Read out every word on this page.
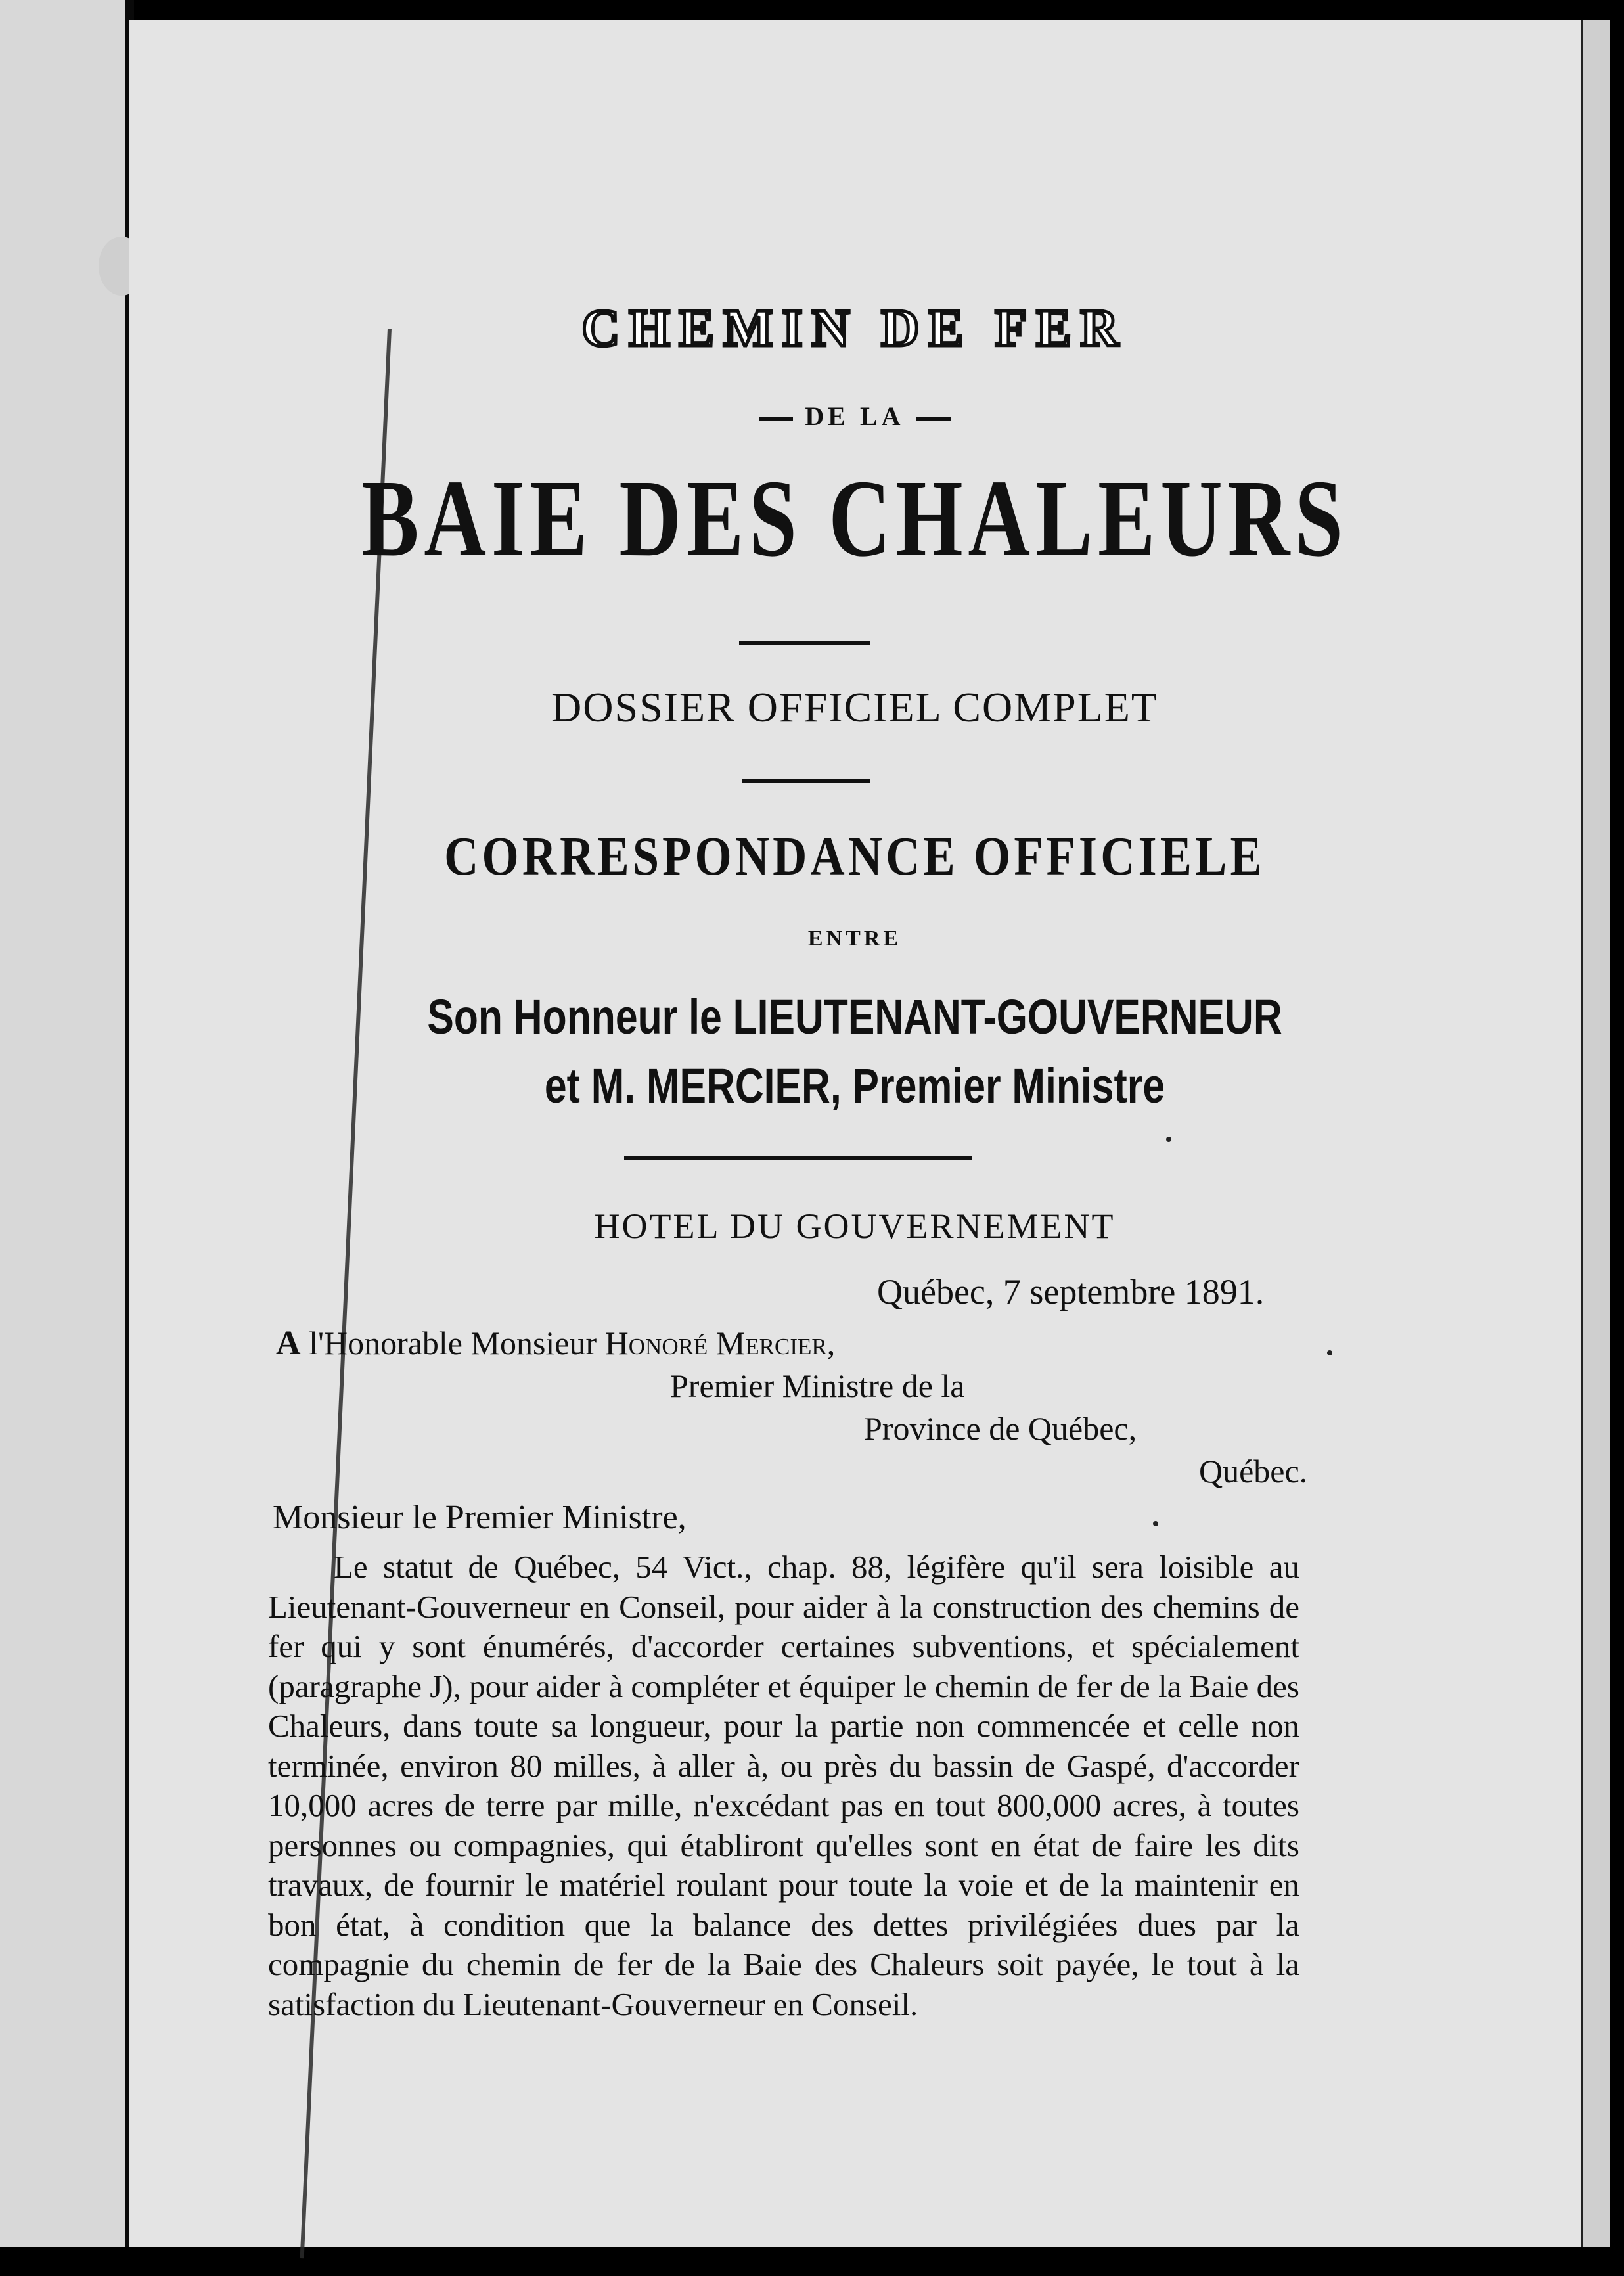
CHEMIN DE FER
DE LA
BAIE DES CHALEURS
DOSSIER OFFICIEL COMPLET
CORRESPONDANCE OFFICIELE
ENTRE
Son Honneur le LIEUTENANT-GOUVERNEUR
et M. MERCIER, Premier Ministre
HOTEL DU GOUVERNEMENT
Québec, 7 septembre 1891.
A l'Honorable Monsieur Honoré Mercier,
Premier Ministre de la
Province de Québec,
Québec.
Monsieur le Premier Ministre,
Le statut de Québec, 54 Vict., chap. 88, légifère qu'il sera loisible au Lieutenant-Gouverneur en Conseil, pour aider à la construction des chemins de fer qui y sont énumérés, d'accorder certaines subventions, et spécialement (paragraphe J), pour aider à compléter et équiper le chemin de fer de la Baie des Chaleurs, dans toute sa longueur, pour la partie non commencée et celle non terminée, environ 80 milles, à aller à, ou près du bassin de Gaspé, d'accorder 10,000 acres de terre par mille, n'excédant pas en tout 800,000 acres, à toutes personnes ou compagnies, qui établiront qu'elles sont en état de faire les dits travaux, de fournir le matériel roulant pour toute la voie et de la maintenir en bon état, à condition que la balance des dettes privilégiées dues par la compagnie du chemin de fer de la Baie des Chaleurs soit payée, le tout à la satisfaction du Lieutenant-Gouverneur en Conseil.
